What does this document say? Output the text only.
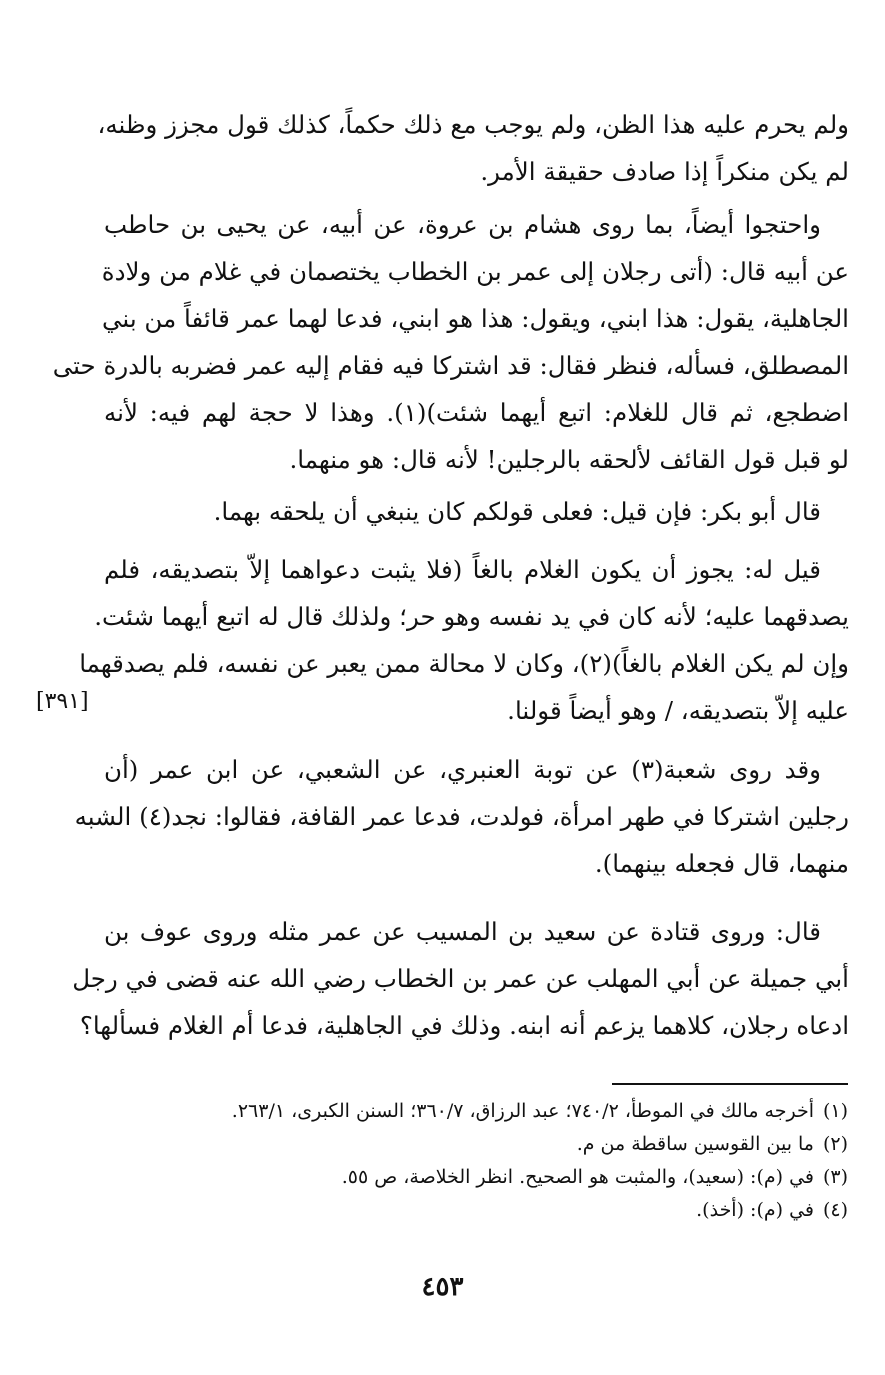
ولم يحرم عليه هذا الظن، ولم يوجب مع ذلك حكماً، كذلك قول مجزز وظنه،
لم يكن منكراً إذا صادف حقيقة الأمر.
واحتجوا أيضاً، بما روى هشام بن عروة، عن أبيه، عن يحيى بن حاطب
عن أبيه قال: (أتى رجلان إلى عمر بن الخطاب يختصمان في غلام من ولادة
الجاهلية، يقول: هذا ابني، ويقول: هذا هو ابني، فدعا لهما عمر قائفاً من بني
المصطلق، فسأله، فنظر فقال: قد اشتركا فيه فقام إليه عمر فضربه بالدرة حتى
اضطجع، ثم قال للغلام: اتبع أيهما شئت)(١). وهذا لا حجة لهم فيه: لأنه
لو قبل قول القائف لألحقه بالرجلين! لأنه قال: هو منهما.
قال أبو بكر: فإن قيل: فعلى قولكم كان ينبغي أن يلحقه بهما.
قيل له: يجوز أن يكون الغلام بالغاً (فلا يثبت دعواهما إلاّ بتصديقه، فلم
يصدقهما عليه؛ لأنه كان في يد نفسه وهو حر؛ ولذلك قال له اتبع أيهما شئت.
وإن لم يكن الغلام بالغاً)(٢)، وكان لا محالة ممن يعبر عن نفسه، فلم يصدقهما
عليه إلاّ بتصديقه، / وهو أيضاً قولنا.
[٣٩١]
وقد روى شعبة(٣) عن توبة العنبري، عن الشعبي، عن ابن عمر (أن
رجلين اشتركا في طهر امرأة، فولدت، فدعا عمر القافة، فقالوا: نجد(٤) الشبه
منهما، قال فجعله بينهما).
قال: وروى قتادة عن سعيد بن المسيب عن عمر مثله وروى عوف بن
أبي جميلة عن أبي المهلب عن عمر بن الخطاب رضي الله عنه قضى في رجل
ادعاه رجلان، كلاهما يزعم أنه ابنه. وذلك في الجاهلية، فدعا أم الغلام فسألها؟
(١)أخرجه مالك في الموطأ، ٧٤٠/٢؛ عبد الرزاق، ٣٦٠/٧؛ السنن الكبرى، ٢٦٣/١.
(٢)ما بين القوسين ساقطة من م.
(٣)في (م): (سعيد)، والمثبت هو الصحيح. انظر الخلاصة، ص ٥٥.
(٤)في (م): (أخذ).
٤٥٣
